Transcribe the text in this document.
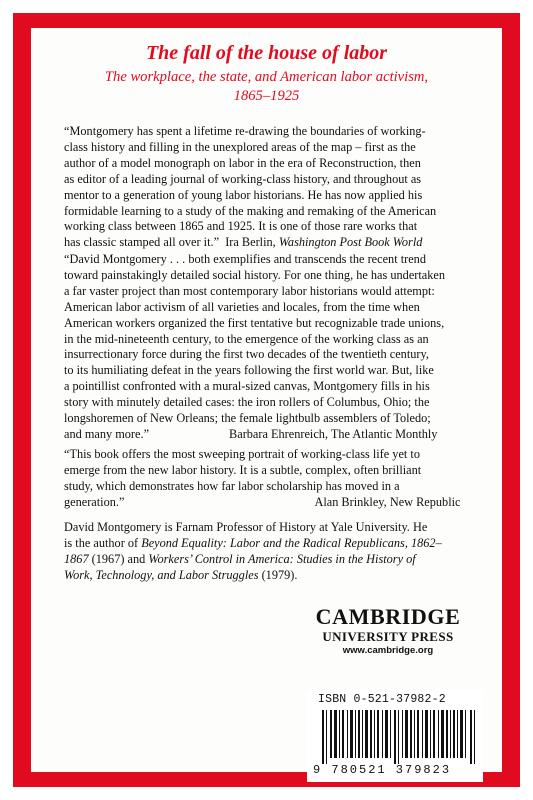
The fall of the house of labor

The workplace, the state, and American labor activism,
1865–1925

“Montgomery has spent a lifetime re-drawing the boundaries of working-
class history and filling in the unexplored areas of the map – first as the
author of a model monograph on labor in the era of Reconstruction, then
as editor of a leading journal of working-class history, and throughout as
mentor to a generation of young labor historians. He has now applied his
formidable learning to a study of the making and remaking of the American
working class between 1865 and 1925. It is one of those rare works that
has classic stamped all over it.” Ira Berlin, Washington Post Book World

“David Montgomery . . . both exemplifies and transcends the recent trend
toward painstakingly detailed social history. For one thing, he has undertaken
a far vaster project than most contemporary labor historians would attempt:
American labor activism of all varieties and locales, from the time when
American workers organized the first tentative but recognizable trade unions,
in the mid-nineteenth century, to the emergence of the working class as an
insurrectionary force during the first two decades of the twentieth century,
to its humiliating defeat in the years following the first world war. But, like
a pointillist confronted with a mural-sized canvas, Montgomery fills in his
story with minutely detailed cases: the iron rollers of Columbus, Ohio; the
longshoremen of New Orleans; the female lightbulb assemblers of Toledo;
and many more.”	Barbara Ehrenreich, The Atlantic Monthly

“This book offers the most sweeping portrait of working-class life yet to
emerge from the new labor history. It is a subtle, complex, often brilliant
study, which demonstrates how far labor scholarship has moved in a
generation.”	Alan Brinkley, New Republic

David Montgomery is Farnam Professor of History at Yale University. He
is the author of Beyond Equality: Labor and the Radical Republicans, 1862–
1867 (1967) and Workers’ Control in America: Studies in the History of
Work, Technology, and Labor Struggles (1979).

CAMBRIDGE

UNIVERSITY PRESS

www.cambridge.org

ISBN 0-521-37982-2
9 780521 379823
